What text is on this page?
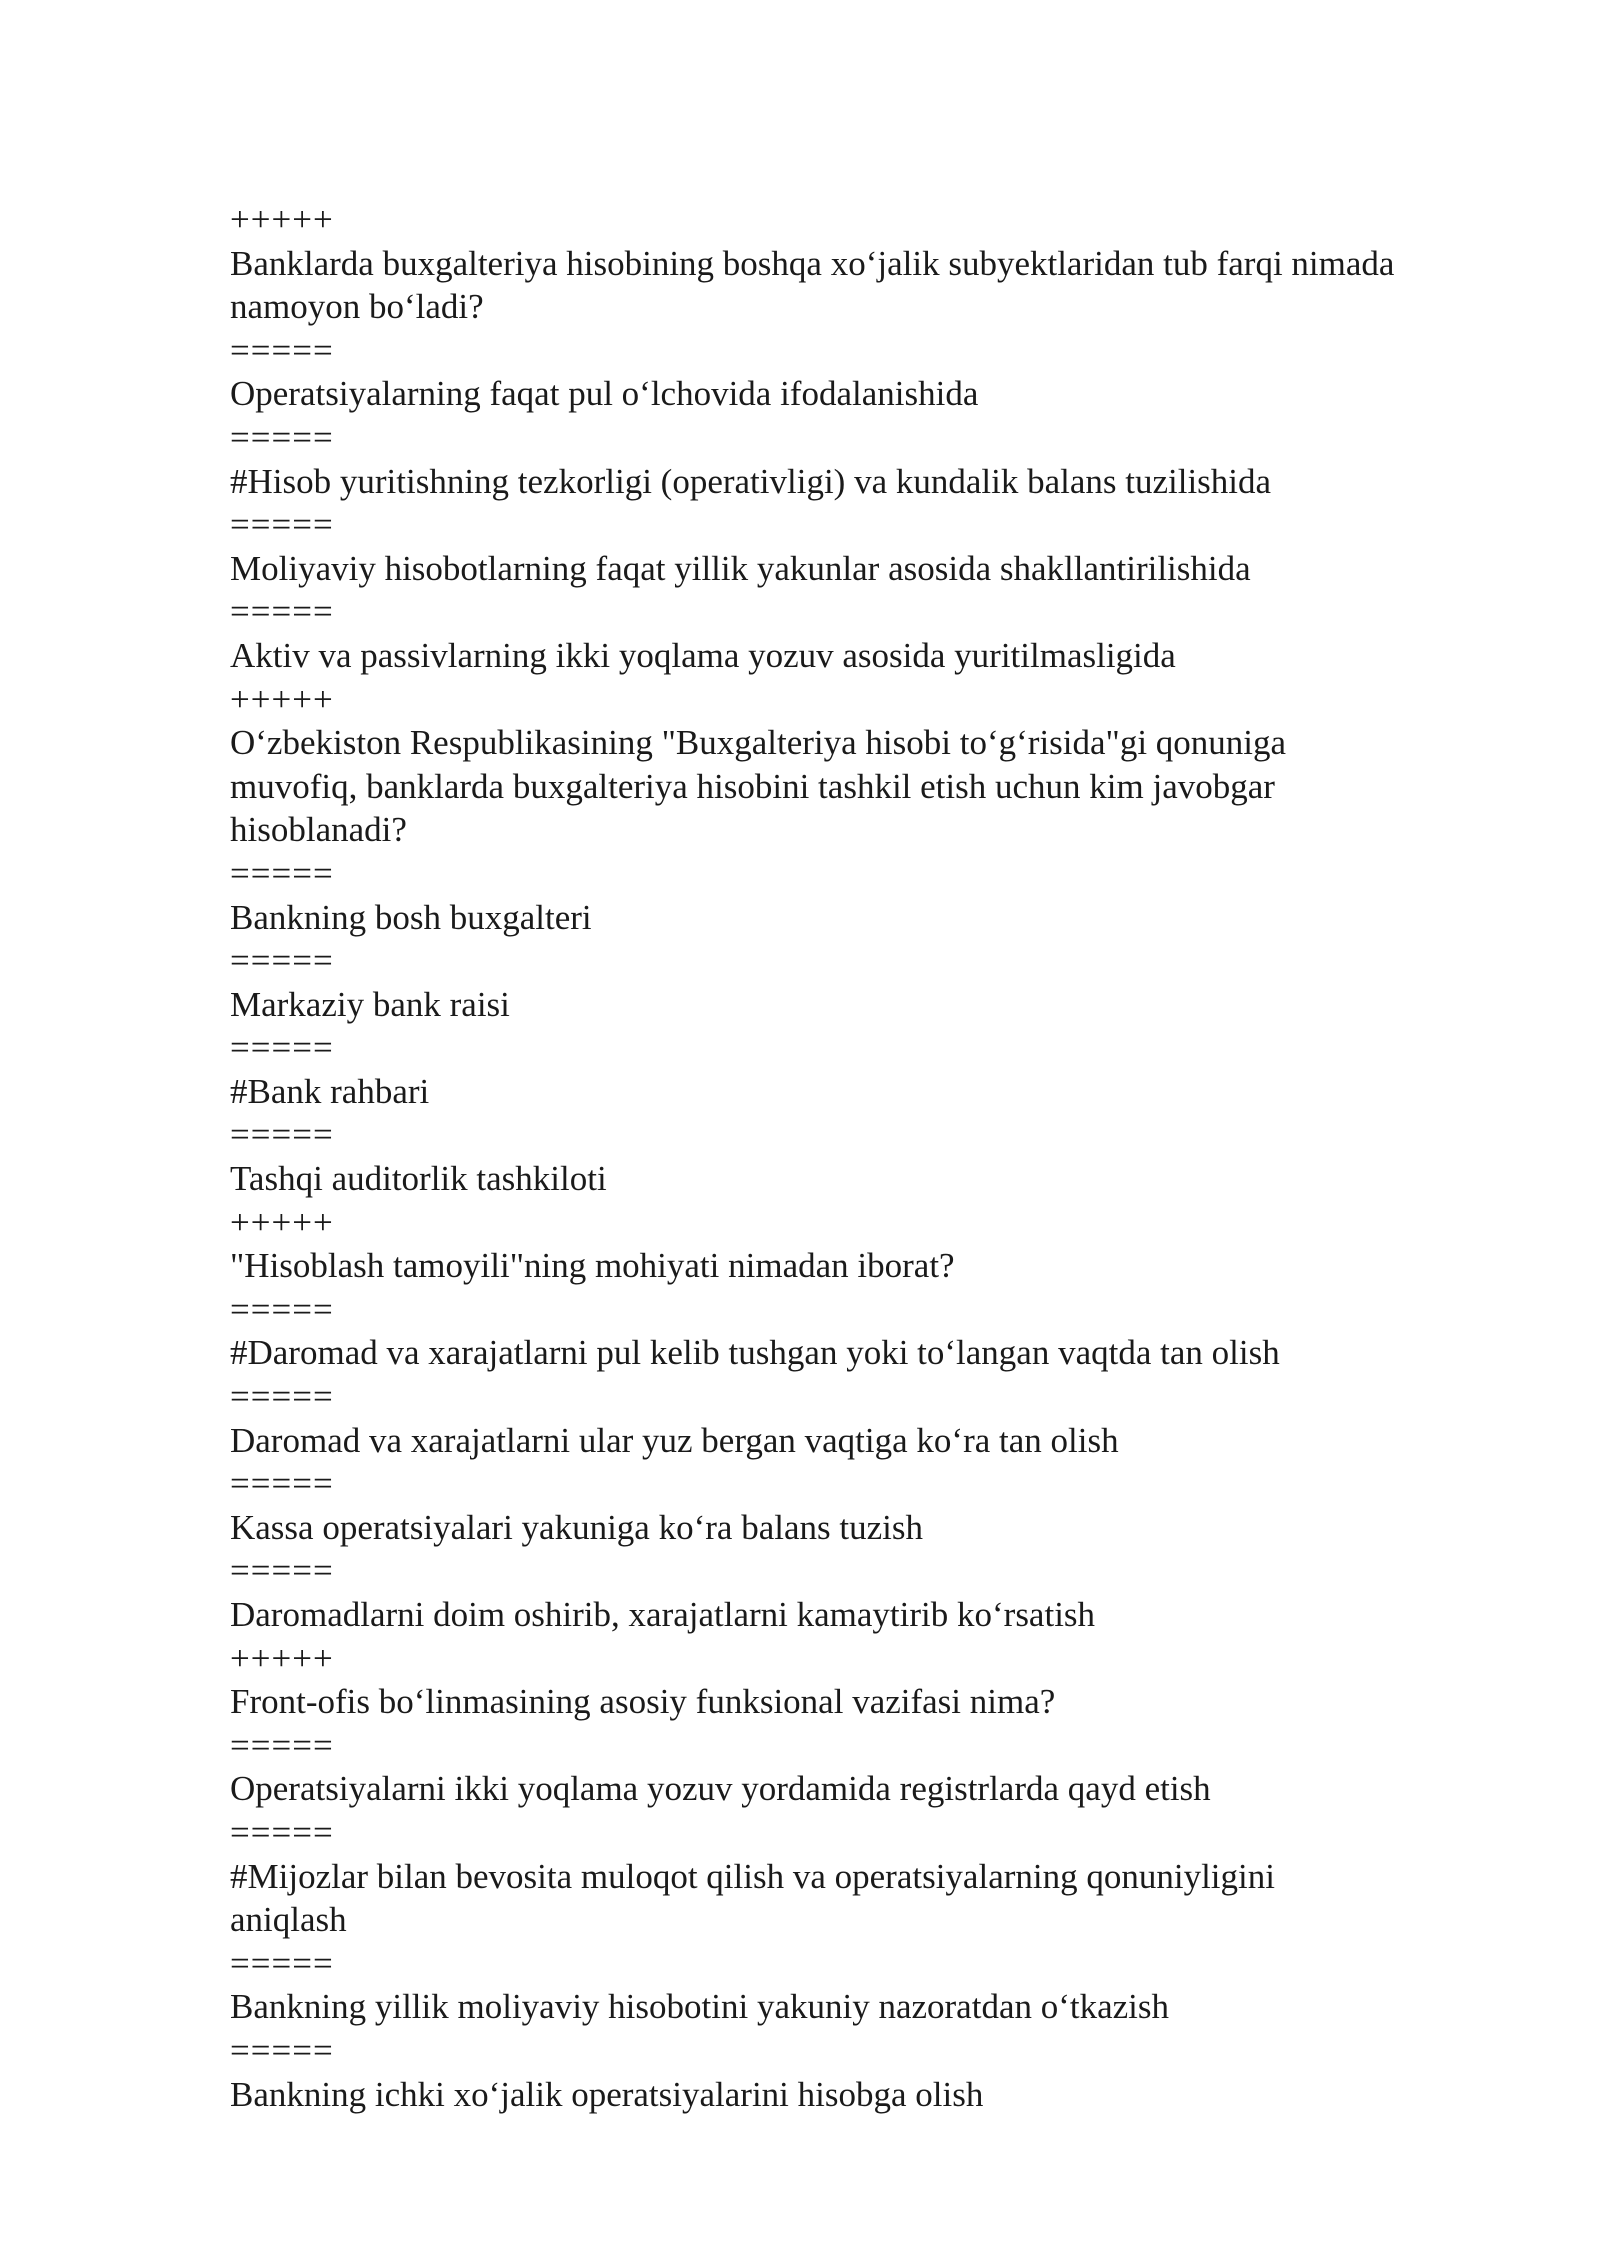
+++++
Banklarda buxgalteriya hisobining boshqa xo‘jalik subyektlaridan tub farqi nimada
namoyon bo‘ladi?
=====
Operatsiyalarning faqat pul o‘lchovida ifodalanishida
=====
#Hisob yuritishning tezkorligi (operativligi) va kundalik balans tuzilishida
=====
Moliyaviy hisobotlarning faqat yillik yakunlar asosida shakllantirilishida
=====
Aktiv va passivlarning ikki yoqlama yozuv asosida yuritilmasligida
+++++
O‘zbekiston Respublikasining "Buxgalteriya hisobi to‘g‘risida"gi qonuniga
muvofiq, banklarda buxgalteriya hisobini tashkil etish uchun kim javobgar
hisoblanadi?
=====
Bankning bosh buxgalteri
=====
Markaziy bank raisi
=====
#Bank rahbari
=====
Tashqi auditorlik tashkiloti
+++++
"Hisoblash tamoyili"ning mohiyati nimadan iborat?
=====
#Daromad va xarajatlarni pul kelib tushgan yoki to‘langan vaqtda tan olish
=====
Daromad va xarajatlarni ular yuz bergan vaqtiga ko‘ra tan olish
=====
Kassa operatsiyalari yakuniga ko‘ra balans tuzish
=====
Daromadlarni doim oshirib, xarajatlarni kamaytirib ko‘rsatish
+++++
Front-ofis bo‘linmasining asosiy funksional vazifasi nima?
=====
Operatsiyalarni ikki yoqlama yozuv yordamida registrlarda qayd etish
=====
#Mijozlar bilan bevosita muloqot qilish va operatsiyalarning qonuniyligini
aniqlash
=====
Bankning yillik moliyaviy hisobotini yakuniy nazoratdan o‘tkazish
=====
Bankning ichki xo‘jalik operatsiyalarini hisobga olish
